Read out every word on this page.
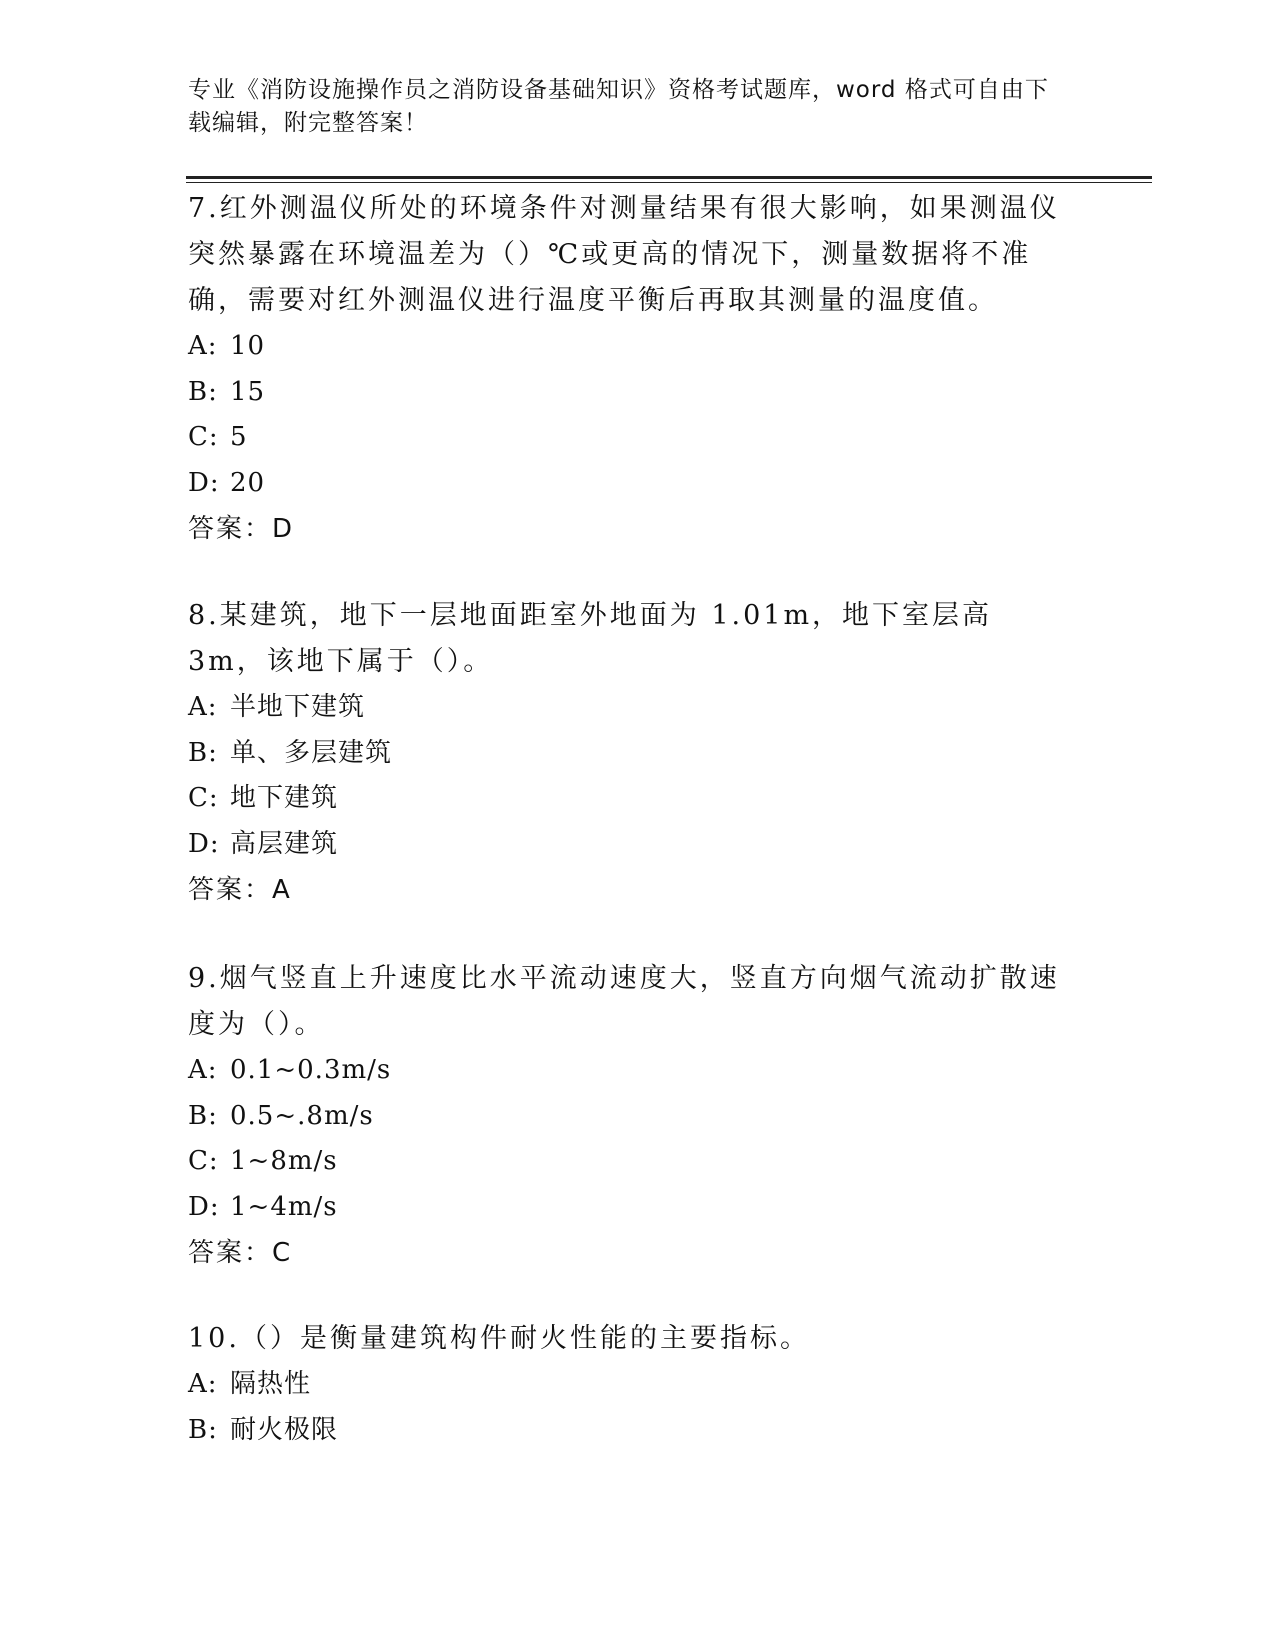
专业《消防设施操作员之消防设备基础知识》资格考试题库，word 格式可自由下载编辑，附完整答案！

7.红外测温仪所处的环境条件对测量结果有很大影响，如果测温仪突然暴露在环境温差为（）℃或更高的情况下，测量数据将不准确，需要对红外测温仪进行温度平衡后再取其测量的温度值。

A: 10
B: 15
C: 5
D: 20
答案：D

8.某建筑，地下一层地面距室外地面为 1.01m，地下室层高 3m，该地下属于（）。

A: 半地下建筑
B: 单、多层建筑
C: 地下建筑
D: 高层建筑
答案：A

9.烟气竖直上升速度比水平流动速度大，竖直方向烟气流动扩散速度为（）。

A: 0.1~0.3m/s
B: 0.5~.8m/s
C: 1~8m/s
D: 1~4m/s
答案：C

10.（）是衡量建筑构件耐火性能的主要指标。

A: 隔热性
B: 耐火极限
